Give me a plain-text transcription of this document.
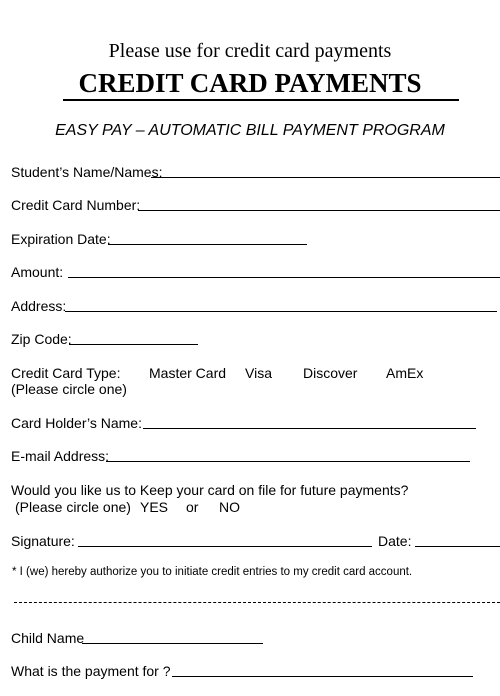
Please use for credit card payments
CREDIT CARD PAYMENTS
EASY PAY – AUTOMATIC BILL PAYMENT PROGRAM
Student’s Name/Names:
Credit Card Number:
Expiration Date:
Amount:
Address:
Zip Code:
Credit Card Type:
(Please circle one)
Master Card Visa Discover AmEx
Card Holder’s Name:
E-mail Address:
Would you like us to Keep your card on file for future payments?
(Please circle one) YES or NO
Signature:	Date:
* I (we) hereby authorize you to initiate credit entries to my credit card account.
Child Name
What is the payment for ?
